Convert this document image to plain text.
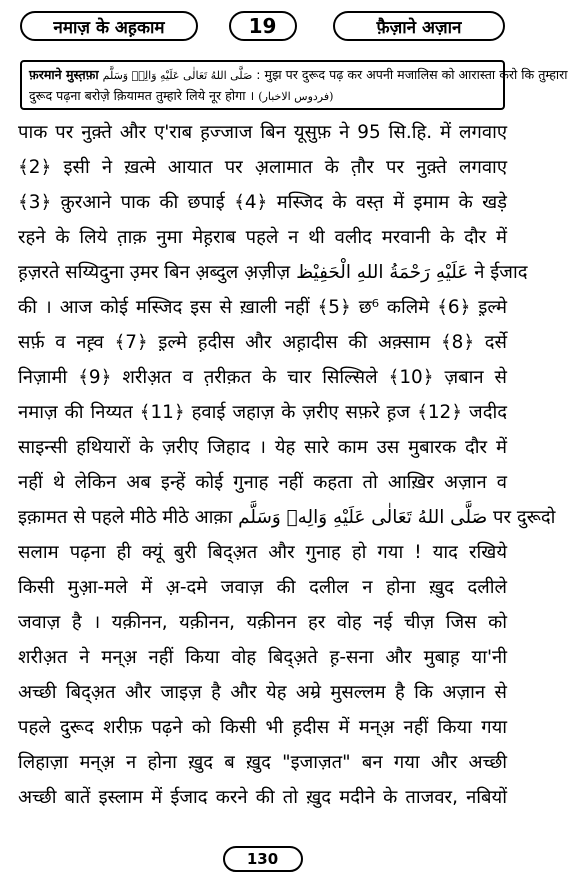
नमाज़ के अह़काम	19	फ़ैज़ाने अज़ान
फ़रमाने मुस्त़फ़ा صَلَّى اللهُ تَعَالٰى عَلَيْهِ وَالِهٖ وَسَلَّم : मुझ पर दुरूद पढ़ कर अपनी मजालिस को आरास्ता करो कि तुम्हारा
दुरूद पढ़ना बरोज़े क़ियामत तुम्हारे लिये नूर होगा । (فردوس الاخبار)
पाक पर नुक़्ते और ए'राब ह़ज्जाज बिन यूसुफ़ ने 95 सि.हि. में लगवाए
﴾2﴿ इसी ने ख़त्मे आयात पर अ़लामात के त़ौर पर नुक़्ते लगवाए
﴾3﴿ क़ुरआने पाक की छपाई ﴾4﴿ मस्जिद के वस्त़ में इमाम के खड़े
रहने के लिये त़ाक़ नुमा मेह़राब पहले न थी वलीद मरवानी के दौर में
ह़ज़रते सय्यिदुना उ़मर बिन अ़ब्दुल अ़ज़ीज़ عَلَيْهِ رَحْمَةُ اللهِ الْحَفِيْظ ने ईजाद
की । आज कोई मस्जिद इस से ख़ाली नहीं ﴾5﴿ छ⁶ कलिमे ﴾6﴿ इ़ल्मे
सर्फ़ व नह़्व ﴾7﴿ इ़ल्मे ह़दीस और अह़ादीस की अक़्साम ﴾8﴿ दर्से
निज़ामी ﴾9﴿ शरीअ़त व त़रीक़त के चार सिल्सिले ﴾10﴿ ज़बान से
नमाज़ की निय्यत ﴾11﴿ हवाई जहाज़ के ज़रीए सफ़रे ह़ज ﴾12﴿ जदीद
साइन्सी हथियारों के ज़रीए जिहाद । येह सारे काम उस मुबारक दौर में
नहीं थे लेकिन अब इन्हें कोई गुनाह नहीं कहता तो आख़िर अज़ान व
इक़ामत से पहले मीठे मीठे आक़ा صَلَّى اللهُ تَعَالٰى عَلَيْهِ وَالِهٖ وَسَلَّم पर दुरूदो
सलाम पढ़ना ही क्यूं बुरी बिद्अ़त और गुनाह हो गया ! याद रखिये
किसी मुआ़-मले में अ़-दमे जवाज़ की दलील न होना ख़ुद दलीले
जवाज़ है । यक़ीनन, यक़ीनन, यक़ीनन हर वोह नई चीज़ जिस को
शरीअ़त ने मन्अ़ नहीं किया वोह बिद्अ़ते ह़-सना और मुबाह़ या'नी
अच्छी बिद्अ़त और जाइज़ है और येह अम्रे मुसल्लम है कि अज़ान से
पहले दुरूद शरीफ़ पढ़ने को किसी भी ह़दीस में मन्अ़ नहीं किया गया
लिहाज़ा मन्अ़ न होना ख़ुद ब ख़ुद "इजाज़त" बन गया और अच्छी
अच्छी बातें इस्लाम में ईजाद करने की तो ख़ुद मदीने के ताजवर, नबियों
130
